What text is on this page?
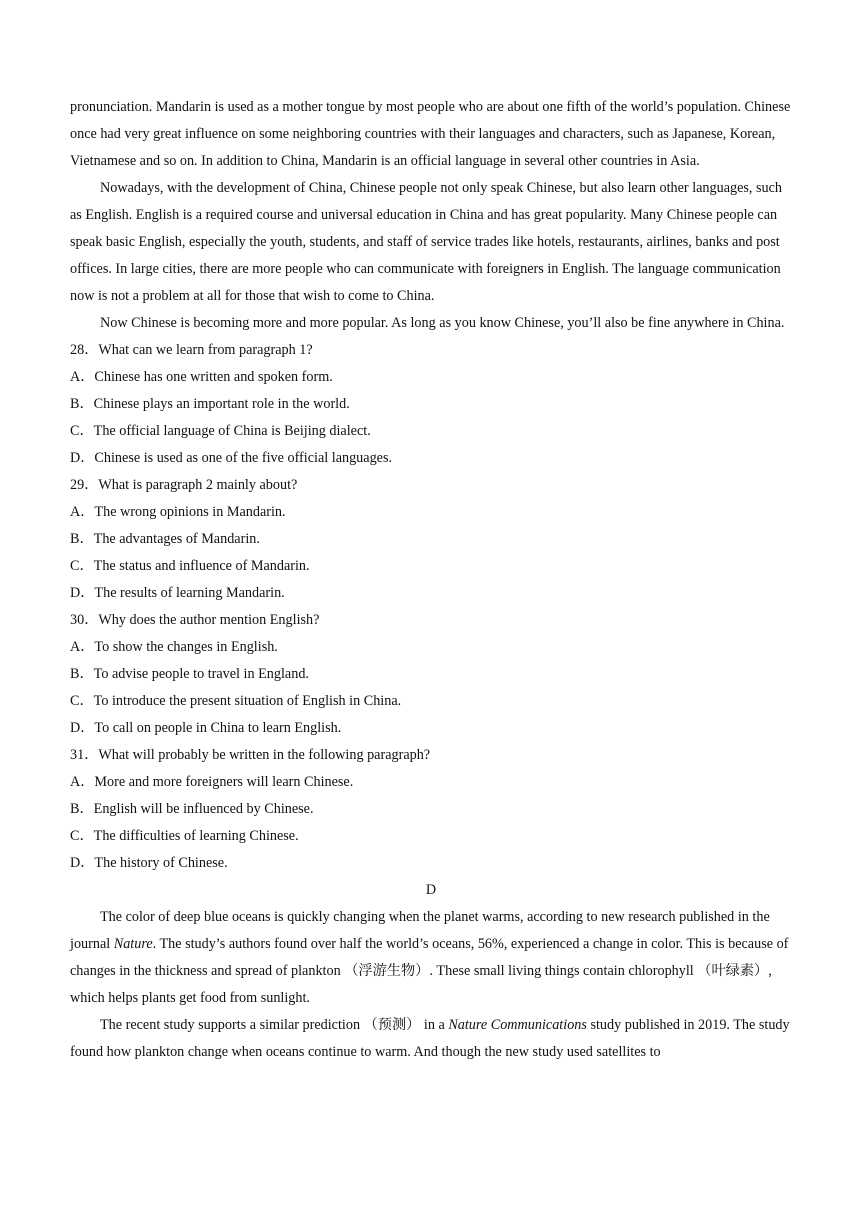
pronunciation. Mandarin is used as a mother tongue by most people who are about one fifth of the world’s population. Chinese once had very great influence on some neighboring countries with their languages and characters, such as Japanese, Korean, Vietnamese and so on. In addition to China, Mandarin is an official language in several other countries in Asia.

Nowadays, with the development of China, Chinese people not only speak Chinese, but also learn other languages, such as English. English is a required course and universal education in China and has great popularity. Many Chinese people can speak basic English, especially the youth, students, and staff of service trades like hotels, restaurants, airlines, banks and post offices. In large cities, there are more people who can communicate with foreigners in English. The language communication now is not a problem at all for those that wish to come to China.

Now Chinese is becoming more and more popular. As long as you know Chinese, you’ll also be fine anywhere in China.

28．What can we learn from paragraph 1?

A．Chinese has one written and spoken form.

B．Chinese plays an important role in the world.

C．The official language of China is Beijing dialect.

D．Chinese is used as one of the five official languages.

29．What is paragraph 2 mainly about?

A．The wrong opinions in Mandarin.

B．The advantages of Mandarin.

C．The status and influence of Mandarin.

D．The results of learning Mandarin.

30．Why does the author mention English?

A．To show the changes in English.

B．To advise people to travel in England.

C．To introduce the present situation of English in China.

D．To call on people in China to learn English.

31．What will probably be written in the following paragraph?

A．More and more foreigners will learn Chinese.

B．English will be influenced by Chinese.

C．The difficulties of learning Chinese.

D．The history of Chinese.

D

The color of deep blue oceans is quickly changing when the planet warms, according to new research published in the journal Nature. The study’s authors found over half the world’s oceans, 56%, experienced a change in color. This is because of changes in the thickness and spread of plankton （浮游生物）. These small living things contain chlorophyll （叶绿素）, which helps plants get food from sunlight.

The recent study supports a similar prediction （预测） in a Nature Communications study published in 2019. The study found how plankton change when oceans continue to warm. And though the new study used satellites to
